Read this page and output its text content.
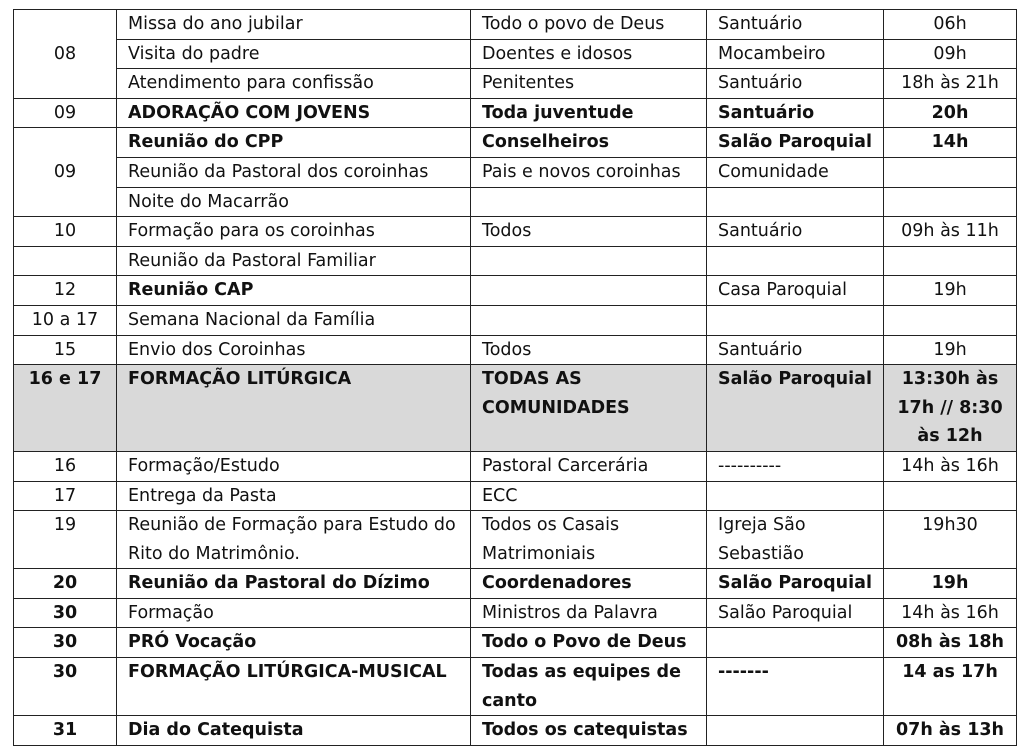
08	Missa do ano jubilar	Todo o povo de Deus	Santuário	06h
	Visita do padre	Doentes e idosos	Mocambeiro	09h
	Atendimento para confissão	Penitentes	Santuário	18h às 21h
09	ADORAÇÃO COM JOVENS	Toda juventude	Santuário	20h
09	Reunião do CPP	Conselheiros	Salão Paroquial	14h
	Reunião da Pastoral dos coroinhas	Pais e novos coroinhas	Comunidade	
	Noite do Macarrão			
10	Formação para os coroinhas	Todos	Santuário	09h às 11h
	Reunião da Pastoral Familiar			
12	Reunião CAP		Casa Paroquial	19h
10 a 17	Semana Nacional da Família			
15	Envio dos Coroinhas	Todos	Santuário	19h
16 e 17	FORMAÇÃO LITÚRGICA	TODAS AS COMUNIDADES	Salão Paroquial	13:30h às 17h // 8:30 às 12h
16	Formação/Estudo	Pastoral Carcerária	----------	14h às 16h
17	Entrega da Pasta	ECC		
19	Reunião de Formação para Estudo do Rito do Matrimônio.	Todos os Casais Matrimoniais	Igreja São Sebastião	19h30
20	Reunião da Pastoral do Dízimo	Coordenadores	Salão Paroquial	19h
30	Formação	Ministros da Palavra	Salão Paroquial	14h às 16h
30	PRÓ Vocação	Todo o Povo de Deus		08h às 18h
30	FORMAÇÃO LITÚRGICA-MUSICAL	Todas as equipes de canto	-------	14 as 17h
31	Dia do Catequista	Todos os catequistas		07h às 13h
